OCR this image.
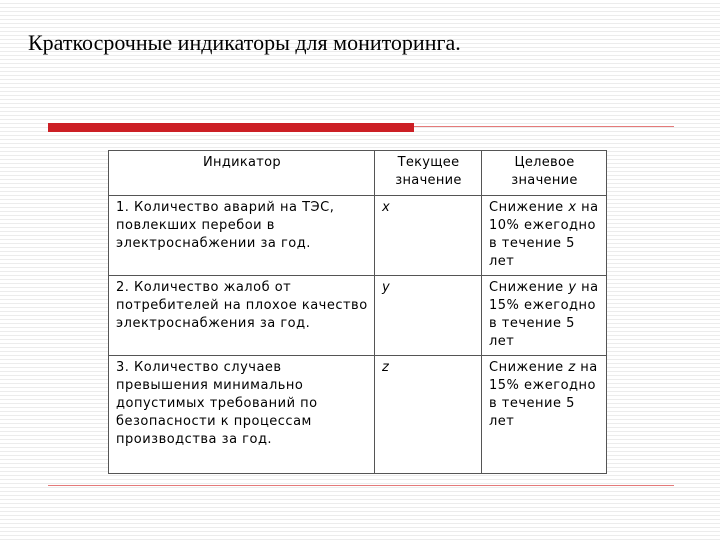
Краткосрочные индикаторы для мониторинга.
Индикатор	Текущее значение	Целевое значение
1. Количество аварий на ТЭС, повлекших перебои в электроснабжении за год.	x	Снижение x на 10% ежегодно в течение 5 лет
2. Количество жалоб от потребителей на плохое качество электроснабжения за год.	y	Снижение y на 15% ежегодно в течение 5 лет
3. Количество случаев превышения минимально допустимых требований по безопасности к процессам производства за год.	z	Снижение z на 15% ежегодно в течение 5 лет
